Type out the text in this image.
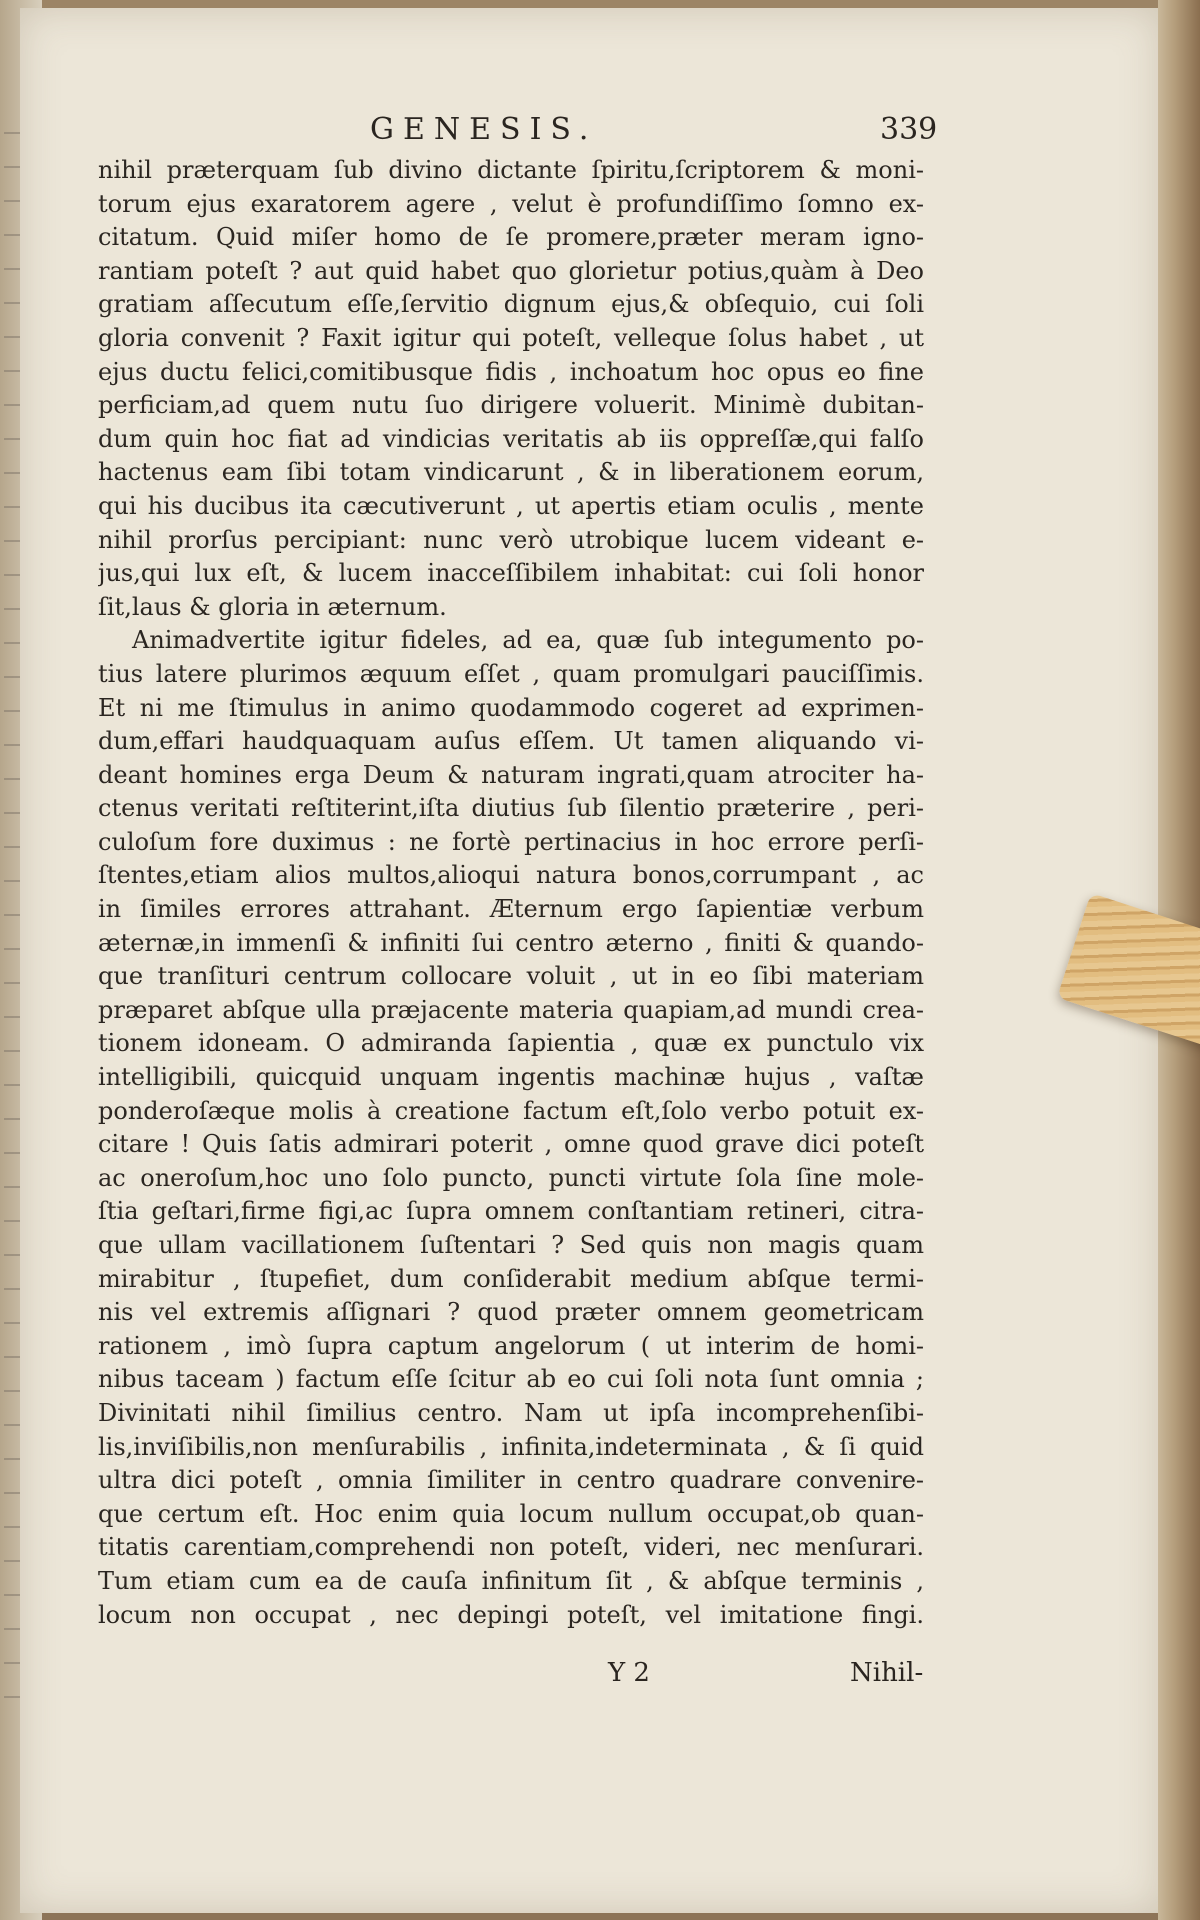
GENESIS.	339
nihil præterquam ſub divino dictante ſpiritu,ſcriptorem & moni-
torum ejus exaratorem agere , velut è profundiſſimo ſomno ex-
citatum. Quid miſer homo de ſe promere,præter meram igno-
rantiam poteſt ? aut quid habet quo glorietur potius,quàm à Deo
gratiam aſſecutum eſſe,ſervitio dignum ejus,& obſequio, cui ſoli
gloria convenit ? Faxit igitur qui poteſt, velleque ſolus habet , ut
ejus ductu felici,comitibusque fidis , inchoatum hoc opus eo fine
perficiam,ad quem nutu ſuo dirigere voluerit. Minimè dubitan-
dum quin hoc fiat ad vindicias veritatis ab iis oppreſſæ,qui falſo
hactenus eam ſibi totam vindicarunt , & in liberationem eorum,
qui his ducibus ita cæcutiverunt , ut apertis etiam oculis , mente
nihil prorſus percipiant: nunc verò utrobique lucem videant e-
jus,qui lux eſt, & lucem inacceſſibilem inhabitat: cui ſoli honor
ſit,laus & gloria in æternum.
Animadvertite igitur fideles, ad ea, quæ ſub integumento po-
tius latere plurimos æquum eſſet , quam promulgari pauciſſimis.
Et ni me ſtimulus in animo quodammodo cogeret ad exprimen-
dum,effari haudquaquam auſus eſſem. Ut tamen aliquando vi-
deant homines erga Deum & naturam ingrati,quam atrociter ha-
ctenus veritati reſtiterint,iſta diutius ſub ſilentio præterire , peri-
culoſum fore duximus : ne fortè pertinacius in hoc errore perſi-
ſtentes,etiam alios multos,alioqui natura bonos,corrumpant , ac
in ſimiles errores attrahant. Æternum ergo ſapientiæ verbum
æternæ,in immenſi & infiniti ſui centro æterno , finiti & quando-
que tranſituri centrum collocare voluit , ut in eo ſibi materiam
præparet abſque ulla præjacente materia quapiam,ad mundi crea-
tionem idoneam. O admiranda ſapientia , quæ ex punctulo vix
intelligibili, quicquid unquam ingentis machinæ hujus , vaſtæ
ponderoſæque molis à creatione factum eſt,ſolo verbo potuit ex-
citare ! Quis ſatis admirari poterit , omne quod grave dici poteſt
ac oneroſum,hoc uno ſolo puncto, puncti virtute ſola ſine mole-
ſtia geſtari,firme figi,ac ſupra omnem conſtantiam retineri, citra-
que ullam vacillationem ſuſtentari ? Sed quis non magis quam
mirabitur , ſtupefiet, dum conſiderabit medium abſque termi-
nis vel extremis aſſignari ? quod præter omnem geometricam
rationem , imò ſupra captum angelorum ( ut interim de homi-
nibus taceam ) factum eſſe ſcitur ab eo cui ſoli nota ſunt omnia ;
Divinitati nihil ſimilius centro. Nam ut ipſa incomprehenſibi-
lis,inviſibilis,non menſurabilis , infinita,indeterminata , & ſi quid
ultra dici poteſt , omnia ſimiliter in centro quadrare convenire-
que certum eſt. Hoc enim quia locum nullum occupat,ob quan-
titatis carentiam,comprehendi non poteſt, videri, nec menſurari.
Tum etiam cum ea de cauſa infinitum ſit , & abſque terminis ,
locum non occupat , nec depingi poteſt, vel imitatione fingi.
Y 2	Nihil-
